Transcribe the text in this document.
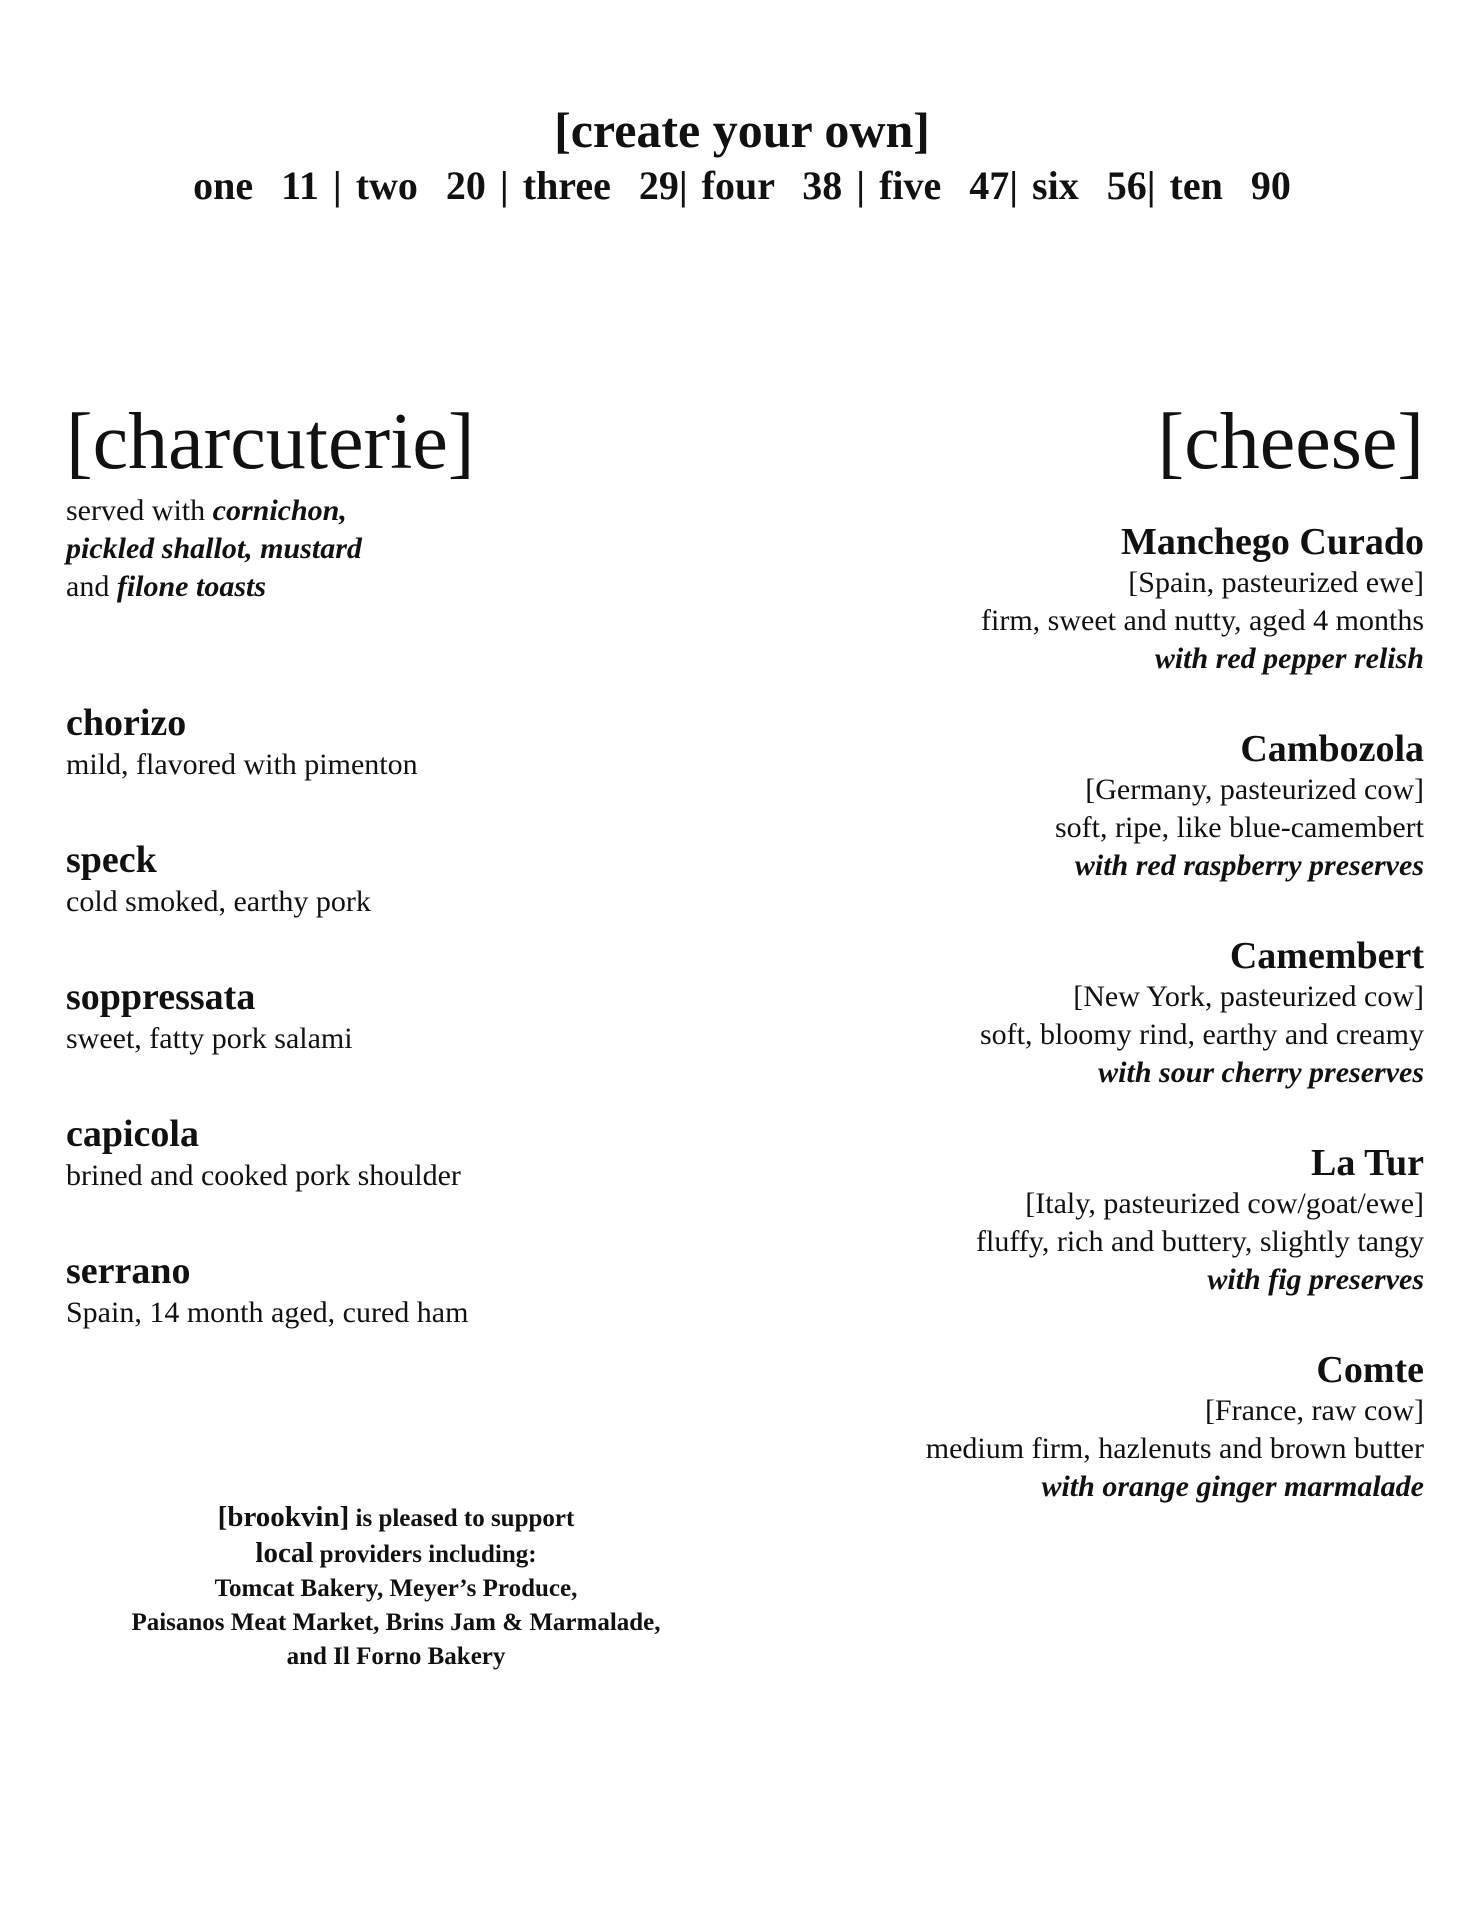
[create your own]
one  11 | two  20 | three  29| four  38 | five  47| six  56| ten  90
[charcuterie]
served with cornichon,
pickled shallot, mustard
and filone toasts
chorizo
mild, flavored with pimenton
speck
cold smoked, earthy pork
soppressata
sweet, fatty pork salami
capicola
brined and cooked pork shoulder
serrano
Spain, 14 month aged, cured ham
[cheese]
Manchego Curado
[Spain, pasteurized ewe]
firm, sweet and nutty, aged 4 months
with red pepper relish
Cambozola
[Germany, pasteurized cow]
soft, ripe, like blue-camembert
with red raspberry preserves
Camembert
[New York, pasteurized cow]
soft, bloomy rind, earthy and creamy
with sour cherry preserves
La Tur
[Italy, pasteurized cow/goat/ewe]
fluffy, rich and buttery, slightly tangy
with fig preserves
Comte
[France, raw cow]
medium firm, hazlenuts and brown butter
with orange ginger marmalade
[brookvin] is pleased to support
local providers including:
Tomcat Bakery, Meyer’s Produce,
Paisanos Meat Market, Brins Jam & Marmalade,
and Il Forno Bakery
